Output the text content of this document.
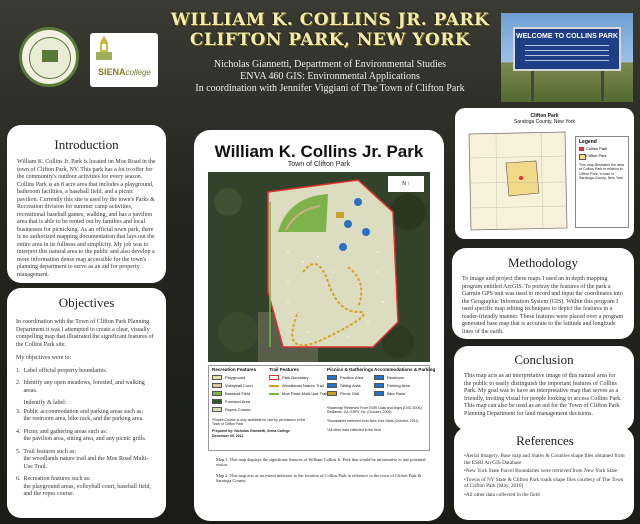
SIENAcollege
WILLIAM K. COLLINS JR. PARK
CLIFTON PARK, NEW YORK
Nicholas Giannetti, Department of Environmental Studies
ENVA 460 GIS: Environmental Applications
In coordination with Jennifer Viggiani of The Town of Clifton Park
WELCOME TO COLLINS PARK
Introduction

William K. Collins Jr. Park is located on Moe Road in the town of Clifton Park, NY. This park has a lot to offer for the community's outdoor activities for every season. Collins Park is an 8 acre area that includes a playground, bathroom facilities, a baseball field, and a picnic pavilion. Currently this site is used by the town's Parks & Recreation division for summer camp activities, recreational baseball games, walking, and has a pavilion area that is able to be rented out by families and local businesses for picnicking. As an official town park, there is no authorized mapping documentation that lays out the entire area in its fullness and simplicity. My job was to interpret this natural area to the public and also develop a more information dense map accessible for the town's planning department to serve as an aid for property management.

Objectives

In coordination with the Town of Clifton Park Planning Department it was I attempted to create a clear, visually compelling map that illustrated the significant features of the Collins Park site.

My objectives were to:

1.  Label official property boundaries.
2.  Identify any open meadows, forested, and walking
areas.
Indentify & label:
3.  Public accommodation and parking areas such as:
the restroom area, bike rack, and the parking area.
4.  Picnic and gathering areas such as:
the pavilion area, sitting area, and any picnic grills.
5.  Trail features such as:
the woodlands nature trail and the Moe Road Multi-
Use Trail.
6.  Recreation features such as:
the playground areas, volleyball court, baseball field,
and the ropes course.
William K. Collins Jr. Park
Town of Clifton Park
N ↑
Recreation Features	Trail Features	Picnics & Gatherings Accommodations & Parking
Playground
Volleyball Court
Baseball Field
Forested Area
Ropes Course
Park Boundary
Woodlands Nature Trail
Moe Road Multi-Use Trail
Pavilion Area
Sitting Area
Picnic Grill
Restroom
Parking Area
Bike Rack
*Ropes Course is only available for use by permission of the Town of Clifton Park
Prepared by: Nicholas Giannetti, Siena College
December 09, 2011
*Basemap Retrieved From ESRI Data and Maps (DVD 2006); Redlands, CA: ESRI, Inc. (October, 2006)
*Boundaries retrieved from New York State (October, 2011)
*All other data collected in the field
Map 1: This map displays the significant features of William Collins Jr. Park that would be informative to any potential visitor.
Map 2: This map acts as an extent indicator to the location of Collins Park in reference to the town of Clifton Park & Saratoga County.
Clifton Park
Saratoga County, New York
Legend
Collins Park
Clifton Park
This map illustrates the area of Collins Park in relation to Clifton Park, a town in Saratoga County, New York
Methodology

To image and project these maps I used an in depth mapping program entitled ArcGIS. To portray the features of the park a Garmin GPS unit was used to record and input the coordinates into the Geographic Information System (GIS). Within this program I used specific map editing techniques to depict the features in a reader-friendly manner. These features were placed over a program generated base map that is accurate to the latitude and longitude lines of the earth.

Conclusion

This map acts as an interpretative image of this natural area for the public to easily distinguish the important features of Collins Park. My goal was to have an interpretative map that serves as a friendly, inviting visual for people looking to access Collins Park. This map can also be used as an aid for the Town of Clifton Park Planning Department for land management decisions.

References

•Aerial Imagery, Base map and States & Counties shape files obtained from the ESRI ArcGIS Database

•New York State Parcel Boundaries were retrieved from New York State

•Towns of NY State & Clifton Park roads shape files courtesy of The Town of Clifton Park [May, 2010]

•All other data collected in the field
